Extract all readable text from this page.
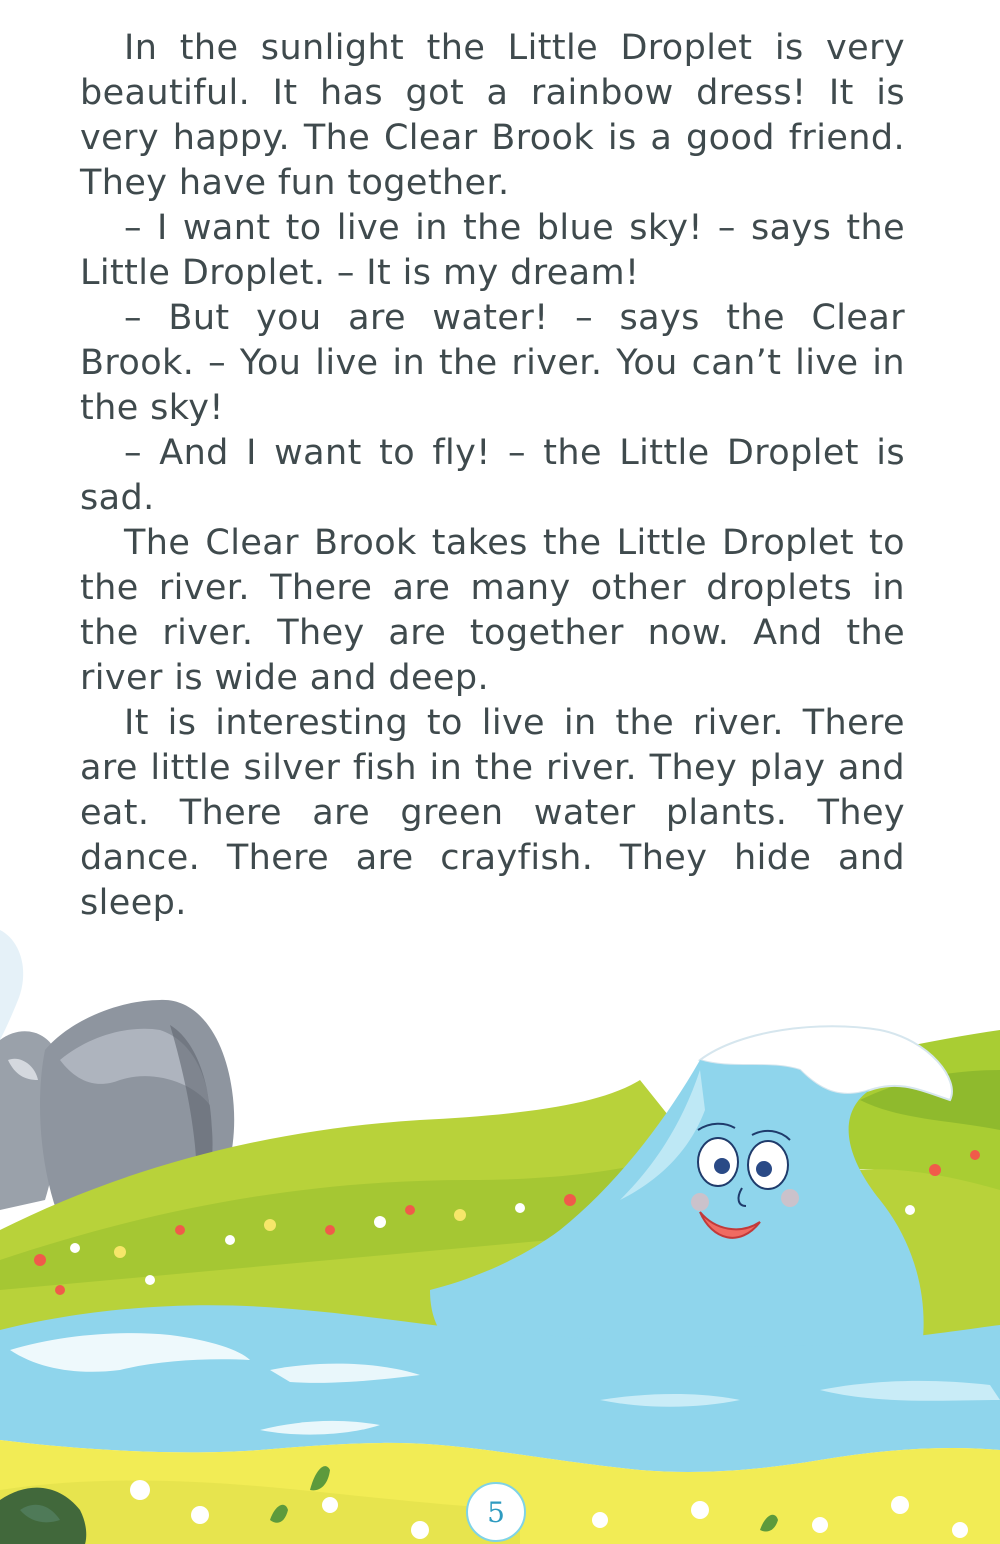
In the sunlight the Little Droplet is very beautiful. It has got a rainbow dress! It is very happy. The Clear Brook is a good friend. They have fun together.

– I want to live in the blue sky! – says the Little Droplet. – It is my dream!

– But you are water! – says the Clear Brook. – You live in the river. You can’t live in the sky!

– And I want to fly! – the Little Droplet is sad.

The Clear Brook takes the Little Droplet to the river. There are many other droplets in the river. They are together now. And the river is wide and deep.

It is interesting to live in the river. There are little silver fish in the river. They play and eat. There are green water plants. They dance. There are crayfish. They hide and sleep.

5
